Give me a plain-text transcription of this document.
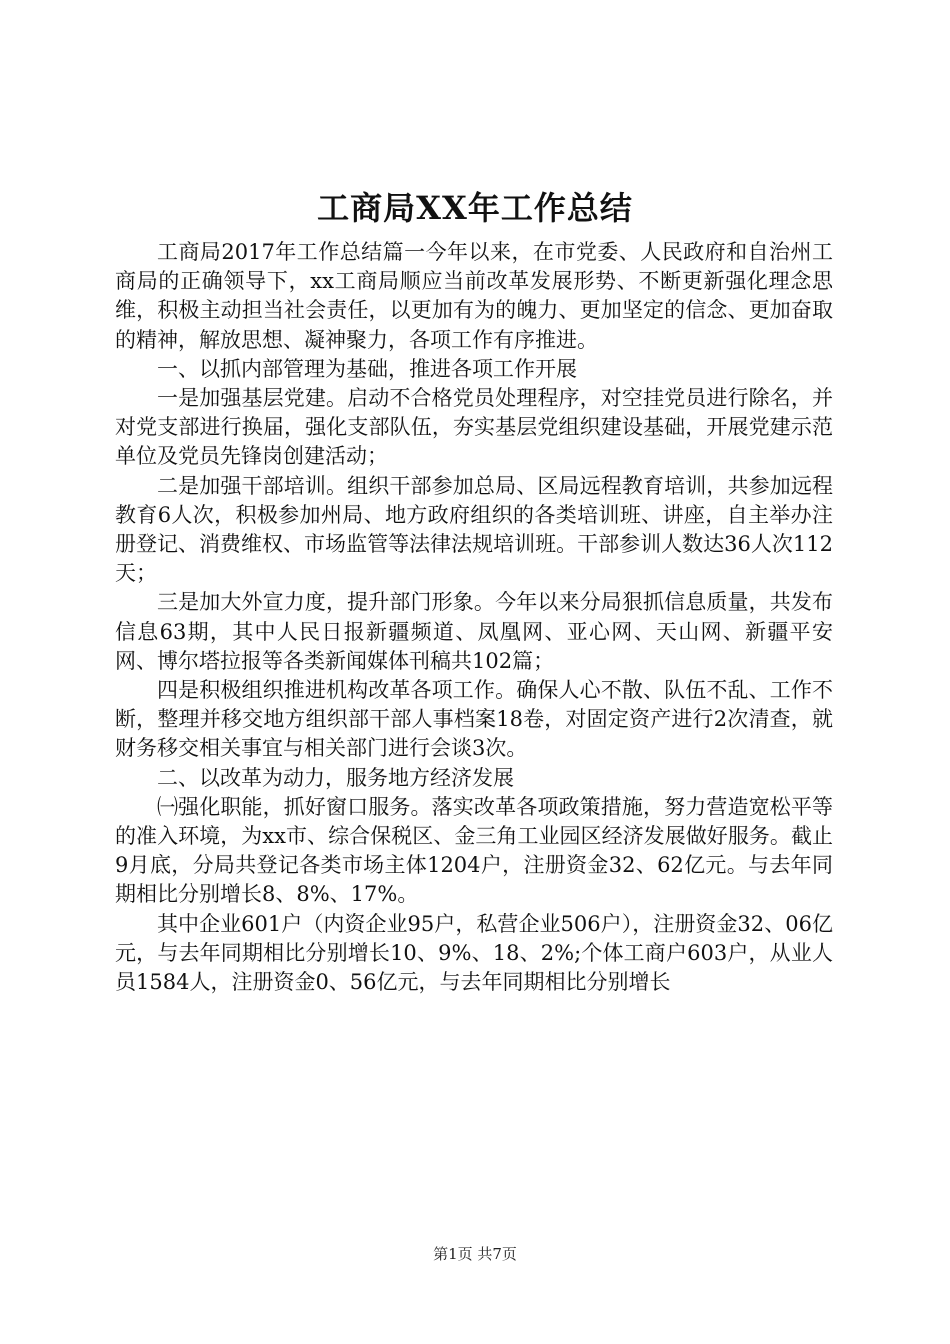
工商局XX年工作总结

工商局2017年工作总结篇一今年以来，在市党委、人民政府和自治州工商局的正确领导下，xx工商局顺应当前改革发展形势、不断更新强化理念思维，积极主动担当社会责任，以更加有为的魄力、更加坚定的信念、更加奋取的精神，解放思想、凝神聚力，各项工作有序推进。

一、以抓内部管理为基础，推进各项工作开展

一是加强基层党建。启动不合格党员处理程序，对空挂党员进行除名，并对党支部进行换届，强化支部队伍，夯实基层党组织建设基础，开展党建示范单位及党员先锋岗创建活动；

二是加强干部培训。组织干部参加总局、区局远程教育培训，共参加远程教育6人次，积极参加州局、地方政府组织的各类培训班、讲座，自主举办注册登记、消费维权、市场监管等法律法规培训班。干部参训人数达36人次112天；

三是加大外宣力度，提升部门形象。今年以来分局狠抓信息质量，共发布信息63期，其中人民日报新疆频道、凤凰网、亚心网、天山网、新疆平安网、博尔塔拉报等各类新闻媒体刊稿共102篇；

四是积极组织推进机构改革各项工作。确保人心不散、队伍不乱、工作不断，整理并移交地方组织部干部人事档案18卷，对固定资产进行2次清查，就财务移交相关事宜与相关部门进行会谈3次。

二、以改革为动力，服务地方经济发展

㈠强化职能，抓好窗口服务。落实改革各项政策措施，努力营造宽松平等的准入环境，为xx市、综合保税区、金三角工业园区经济发展做好服务。截止9月底，分局共登记各类市场主体1204户，注册资金32、62亿元。与去年同期相比分别增长8、8%、17%。

其中企业601户（内资企业95户，私营企业506户），注册资金32、06亿元，与去年同期相比分别增长10、9%、18、2%;个体工商户603户，从业人员1584人，注册资金0、56亿元，与去年同期相比分别增长

第1页 共7页
